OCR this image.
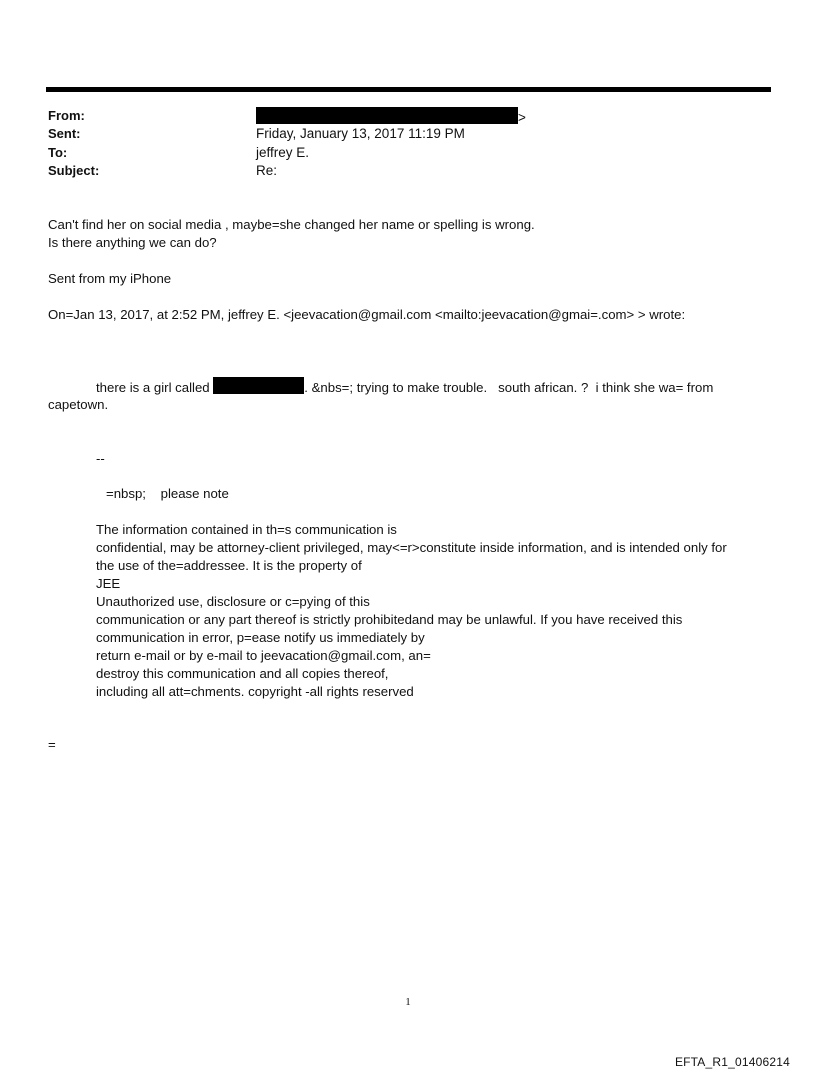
From:	>
Sent:	Friday, January 13, 2017 11:19 PM
To:	jeffrey E.
Subject:	Re:
Can't find her on social media , maybe=she changed her name or spelling is wrong.
Is there anything we can do?
Sent from my iPhone
On=Jan 13, 2017, at 2:52 PM, jeffrey E. <jeevacation@gmail.com <mailto:jeevacation@gmai=.com> > wrote:
there is a girl called	. &nbs=; trying to make trouble.   south african. ?  i think she wa= from
capetown.
--
=nbsp;    please note
The information contained in th=s communication is
confidential, may be attorney-client privileged, may<=r>constitute inside information, and is intended only for
the use of the=addressee. It is the property of
JEE
Unauthorized use, disclosure or c=pying of this
communication or any part thereof is strictly prohibitedand may be unlawful. If you have received this
communication in error, p=ease notify us immediately by
return e-mail or by e-mail to jeevacation@gmail.com, an=
destroy this communication and all copies thereof,
including all att=chments. copyright -all rights reserved
=
1
EFTA_R1_01406214
